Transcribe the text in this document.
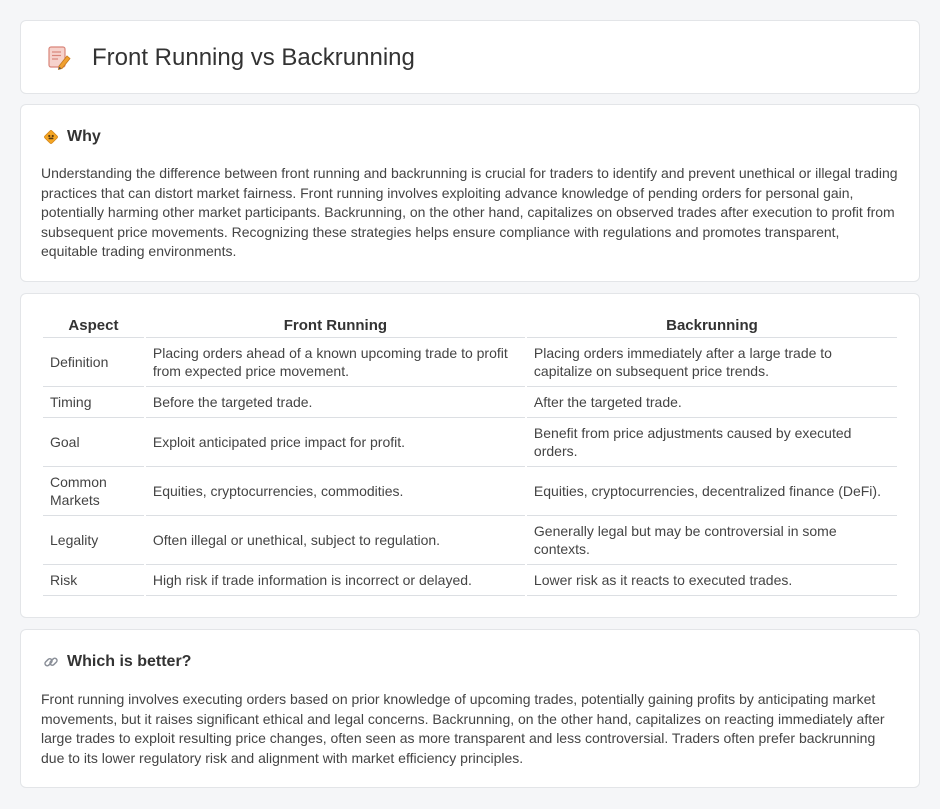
Front Running vs Backrunning
Why

Understanding the difference between front running and backrunning is crucial for traders to identify and prevent unethical or illegal trading practices that can distort market fairness. Front running involves exploiting advance knowledge of pending orders for personal gain, potentially harming other market participants. Backrunning, on the other hand, capitalizes on observed trades after execution to profit from subsequent price movements. Recognizing these strategies helps ensure compliance with regulations and promotes transparent, equitable trading environments.

Aspect	Front Running	Backrunning
Definition	Placing orders ahead of a known upcoming trade to profit from expected price movement.	Placing orders immediately after a large trade to capitalize on subsequent price trends.
Timing	Before the targeted trade.	After the targeted trade.
Goal	Exploit anticipated price impact for profit.	Benefit from price adjustments caused by executed orders.
Common Markets	Equities, cryptocurrencies, commodities.	Equities, cryptocurrencies, decentralized finance (DeFi).
Legality	Often illegal or unethical, subject to regulation.	Generally legal but may be controversial in some contexts.
Risk	High risk if trade information is incorrect or delayed.	Lower risk as it reacts to executed trades.
Which is better?

Front running involves executing orders based on prior knowledge of upcoming trades, potentially gaining profits by anticipating market movements, but it raises significant ethical and legal concerns. Backrunning, on the other hand, capitalizes on reacting immediately after large trades to exploit resulting price changes, often seen as more transparent and less controversial. Traders often prefer backrunning due to its lower regulatory risk and alignment with market efficiency principles.
